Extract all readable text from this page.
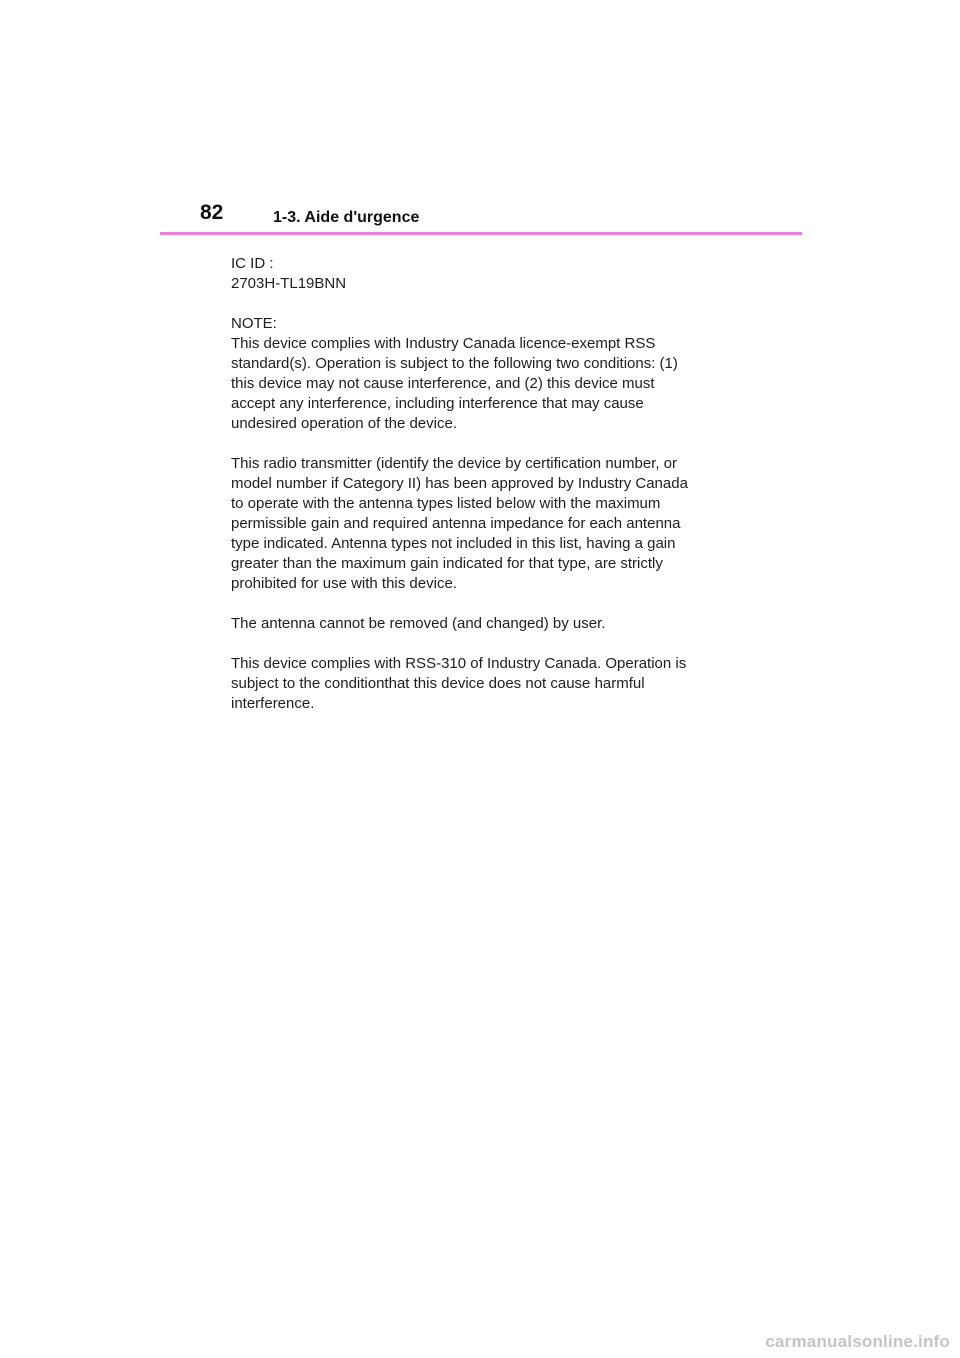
82	1-3. Aide d'urgence
IC ID :
2703H-TL19BNN
NOTE:
This device complies with Industry Canada licence-exempt RSS
standard(s). Operation is subject to the following two conditions: (1)
this device may not cause interference, and (2) this device must
accept any interference, including interference that may cause
undesired operation of the device.
This radio transmitter (identify the device by certification number, or
model number if Category II) has been approved by Industry Canada
to operate with the antenna types listed below with the maximum
permissible gain and required antenna impedance for each antenna
type indicated. Antenna types not included in this list, having a gain
greater than the maximum gain indicated for that type, are strictly
prohibited for use with this device.
The antenna cannot be removed (and changed) by user.
This device complies with RSS-310 of Industry Canada. Operation is
subject to the conditionthat this device does not cause harmful
interference.
carmanualsonline.info
